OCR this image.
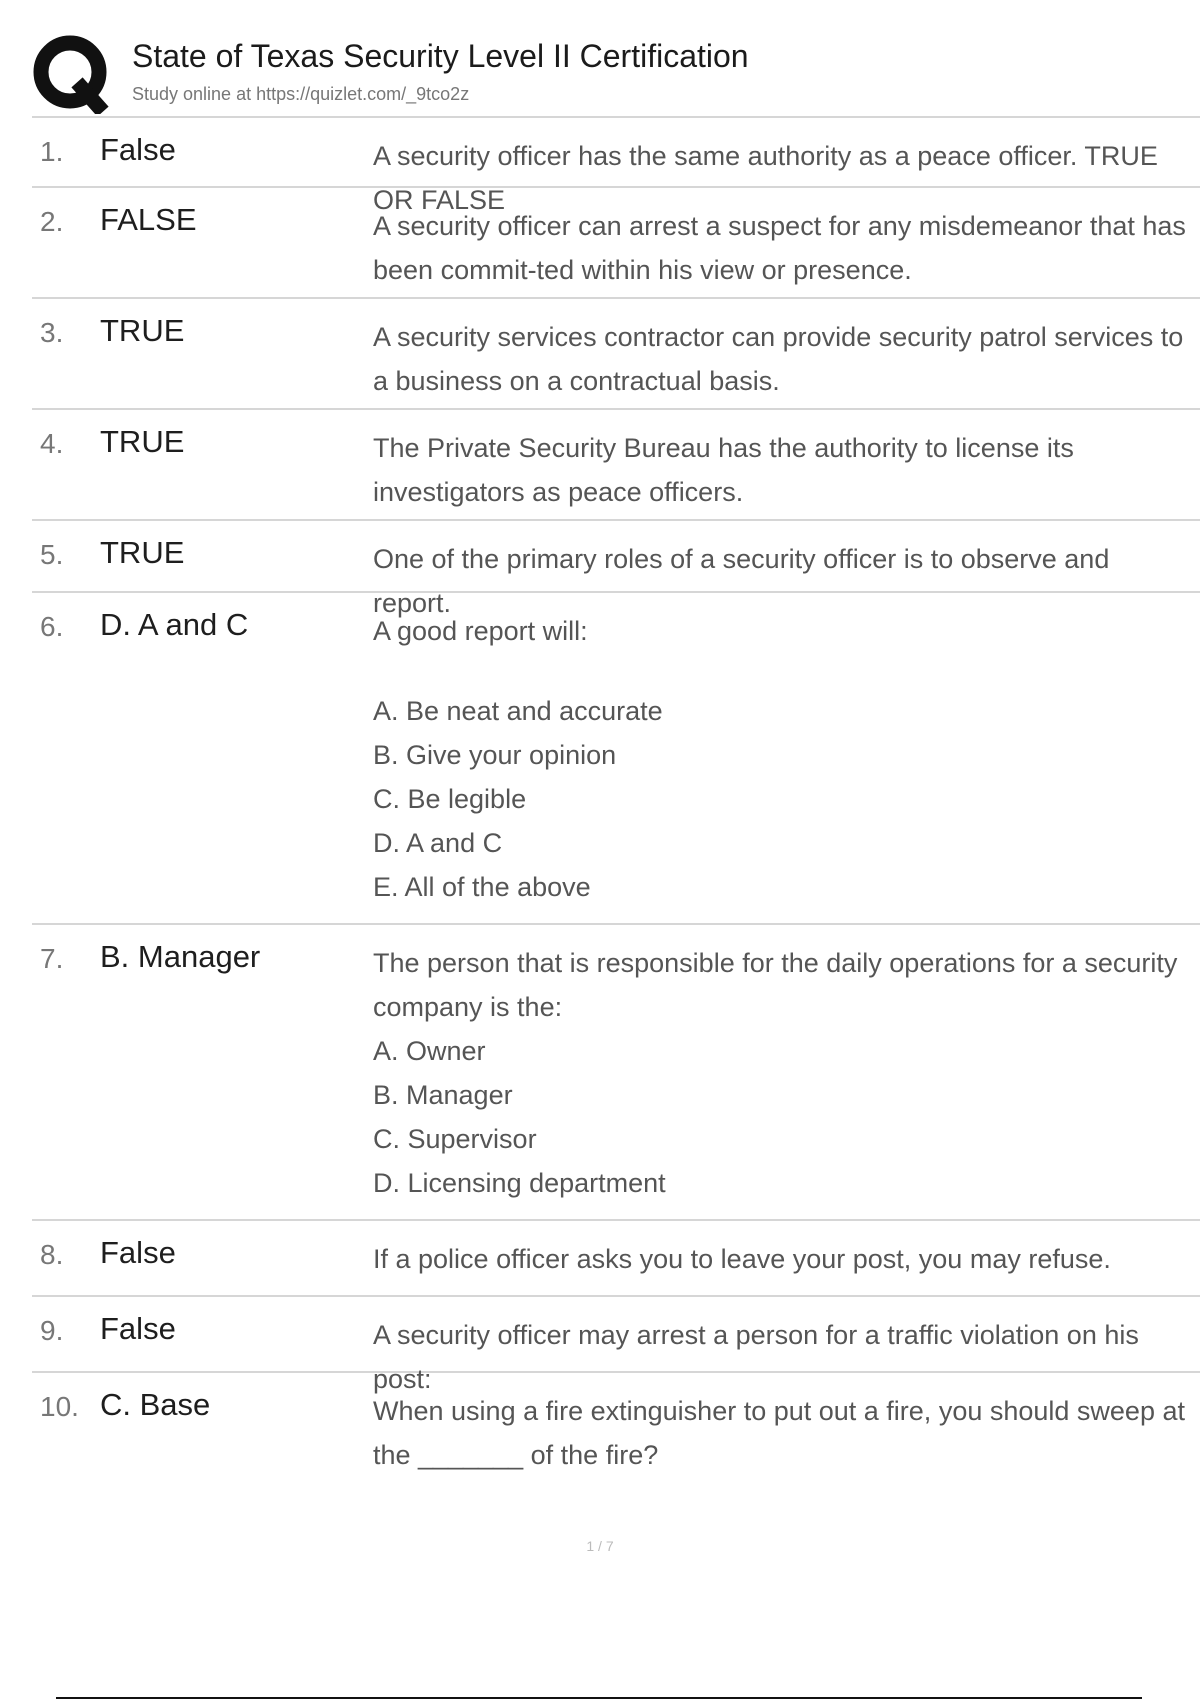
State of Texas Security Level II Certification
Study online at https://quizlet.com/_9tco2z
1. False	A security officer has the same authority as a peace officer. TRUE OR FALSE

2. FALSE	A security officer can arrest a suspect for any misdemeanor that has been commit-ted within his view or presence.

3. TRUE	A security services contractor can provide security patrol services to a business on a contractual basis.

4. TRUE	The Private Security Bureau has the authority to license its investigators as peace officers.

5. TRUE	One of the primary roles of a security officer is to observe and report.

6. D. A and C	A good report will:

A. Be neat and accurate

B. Give your opinion

C. Be legible

D. A and C

E. All of the above

7. B. Manager	The person that is responsible for the daily operations for a security company is the:

A. Owner

B. Manager

C. Supervisor

D. Licensing department

8. False	If a police officer asks you to leave your post, you may refuse.

9. False	A security officer may arrest a person for a traffic violation on his post:

10. C. Base	When using a fire extinguisher to put out a fire, you should sweep at the _______ of the fire?

1 / 7
